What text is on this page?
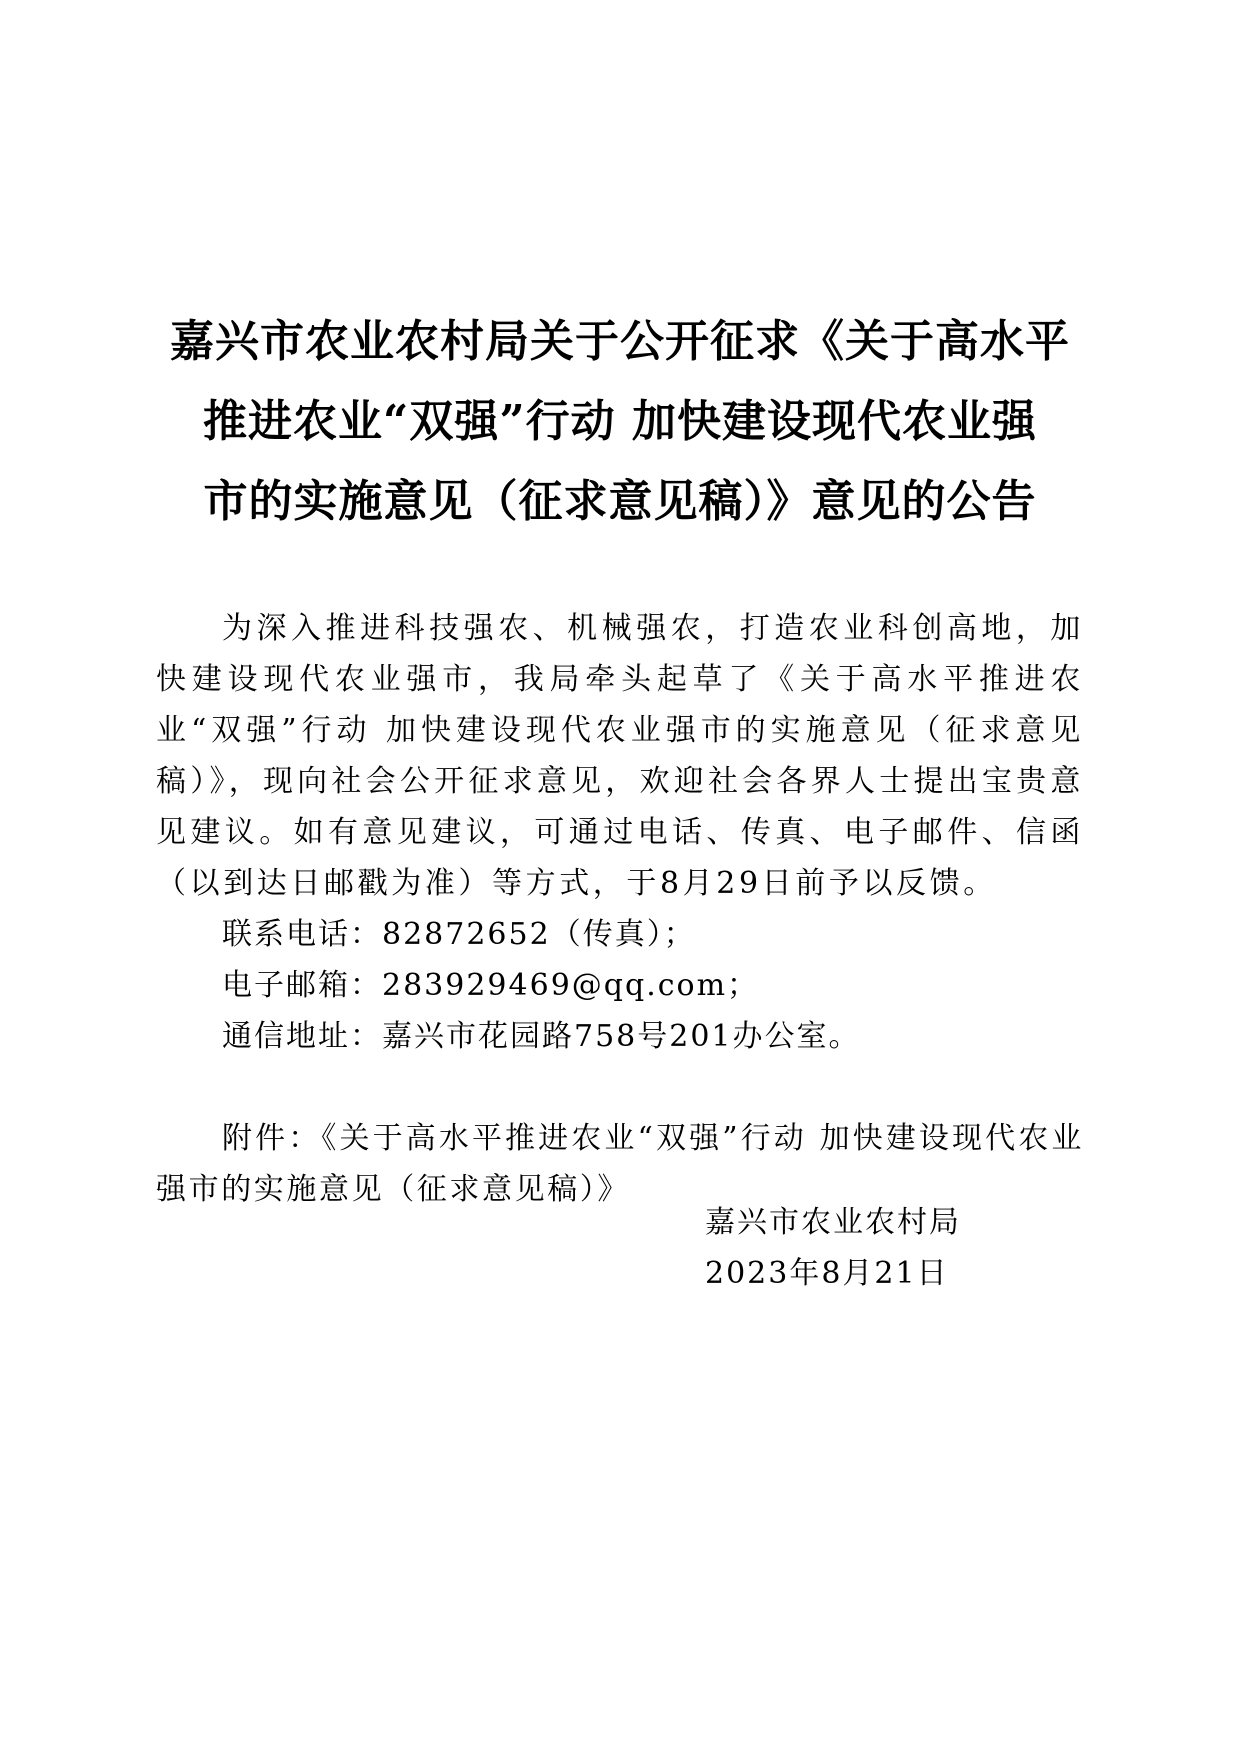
嘉兴市农业农村局关于公开征求《关于高水平
推进农业“双强”行动 加快建设现代农业强
市的实施意见（征求意见稿）》意见的公告

为深入推进科技强农、机械强农，打造农业科创高地，加快建设现代农业强市，我局牵头起草了《关于高水平推进农业“双强”行动 加快建设现代农业强市的实施意见（征求意见稿）》，现向社会公开征求意见，欢迎社会各界人士提出宝贵意见建议。如有意见建议，可通过电话、传真、电子邮件、信函（以到达日邮戳为准）等方式，于8月29日前予以反馈。

联系电话：82872652（传真）；

电子邮箱：283929469@qq.com；

通信地址：嘉兴市花园路758号201办公室。

附件：《关于高水平推进农业“双强”行动 加快建设现代农业强市的实施意见（征求意见稿）》

嘉兴市农业农村局
2023年8月21日
